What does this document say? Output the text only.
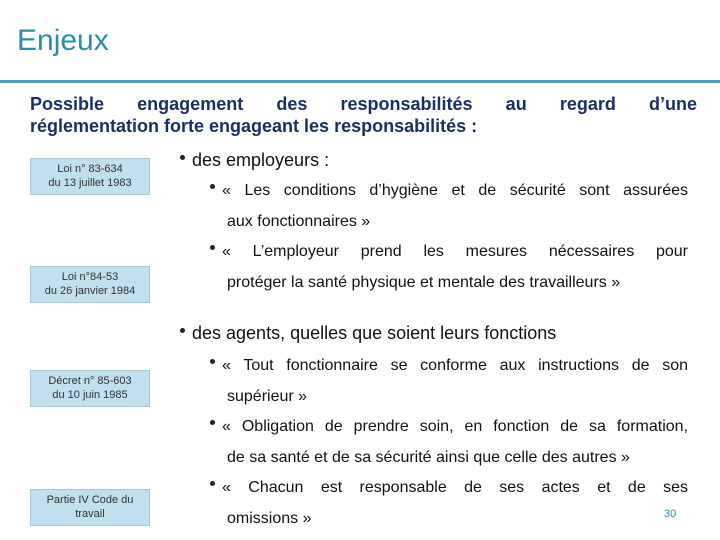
Enjeux
Possible engagement des responsabilités au regard d’une
réglementation forte engageant les responsabilités :
Loi n° 83-634
du 13 juillet 1983
Loi n°84-53
du 26 janvier 1984
Décret n° 85-603
du 10 juin 1985
Partie IV Code du
travail
des employeurs :
« Les conditions d’hygiène et de sécurité sont assurées
aux fonctionnaires »
« L’employeur prend les mesures nécessaires pour
protéger la santé physique et mentale des travailleurs »
des agents, quelles que soient leurs fonctions
« Tout fonctionnaire se conforme aux instructions de son
supérieur »
« Obligation de prendre soin, en fonction de sa formation,
de sa santé et de sa sécurité ainsi que celle des autres »
« Chacun est responsable de ses actes et de ses
omissions »	30
